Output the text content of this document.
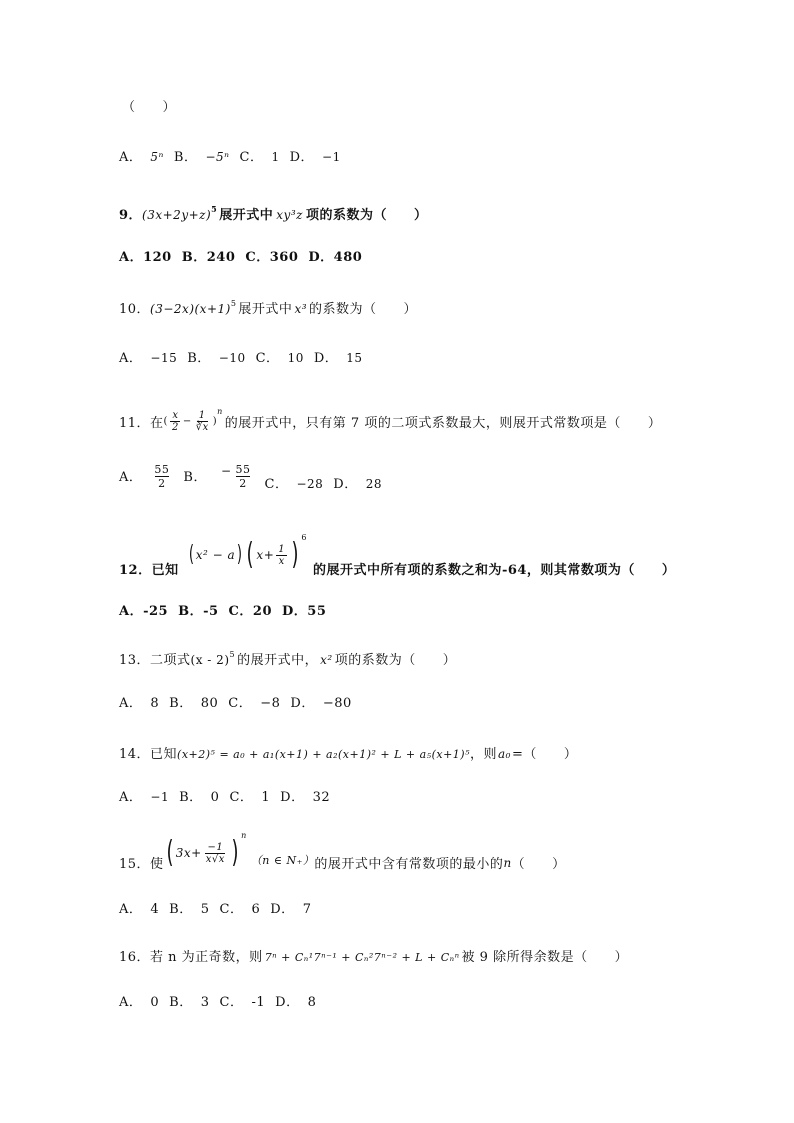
（　　）
A． 5ⁿ B． −5ⁿ C． 1 D． −1
9． (3x+2y+z) 5 展开式中 xy³z 项的系数为（　　）
A． 120 B． 240 C． 360 D． 480
10． (3−2x)(x+1) 5 展开式中 x³ 的系数为（　　）
A． −15 B． −10 C． 10 D． 15
11．在 ( $\frac{x}{2} - \frac{1}{∛x}$ )
n
的展开式中，只有第 7 项的二项式系数最大，则展开式常数项是（　　）
A． $\frac{55}{2}$ B． − $\frac{55}{2}$ C． −28 D． 28
12．已知
( x² − a ) ( $x+ \frac{1}{x}$ ) 6
的展开式中所有项的系数之和为-64，则其常数项为（　　）
A． -25 B． -5 C． 20 D． 55
13．二项式 (x - 2) 5 的展开式中， x² 项的系数为（　　）
A． 8 B． 80 C． −8 D． −80
14．已知 (x+2)⁵ = a₀ + a₁(x+1) + a₂(x+1)² + L + a₅(x+1)⁵ ，则 a₀ =（　　）
A． −1 B． 0 C． 1 D． 32
15．使 ( $3x+ \frac{-1}{x√x}$ ) n
（n ∈ N₊） 的展开式中含有常数项的最小的 n （　　）
A． 4 B． 5 C． 6 D． 7
16．若 n 为正奇数，则 7ⁿ + Cₙ¹7ⁿ⁻¹ + Cₙ²7ⁿ⁻² + L + Cₙⁿ 被 9 除所得余数是（　　）
A． 0 B． 3 C． -1 D． 8
